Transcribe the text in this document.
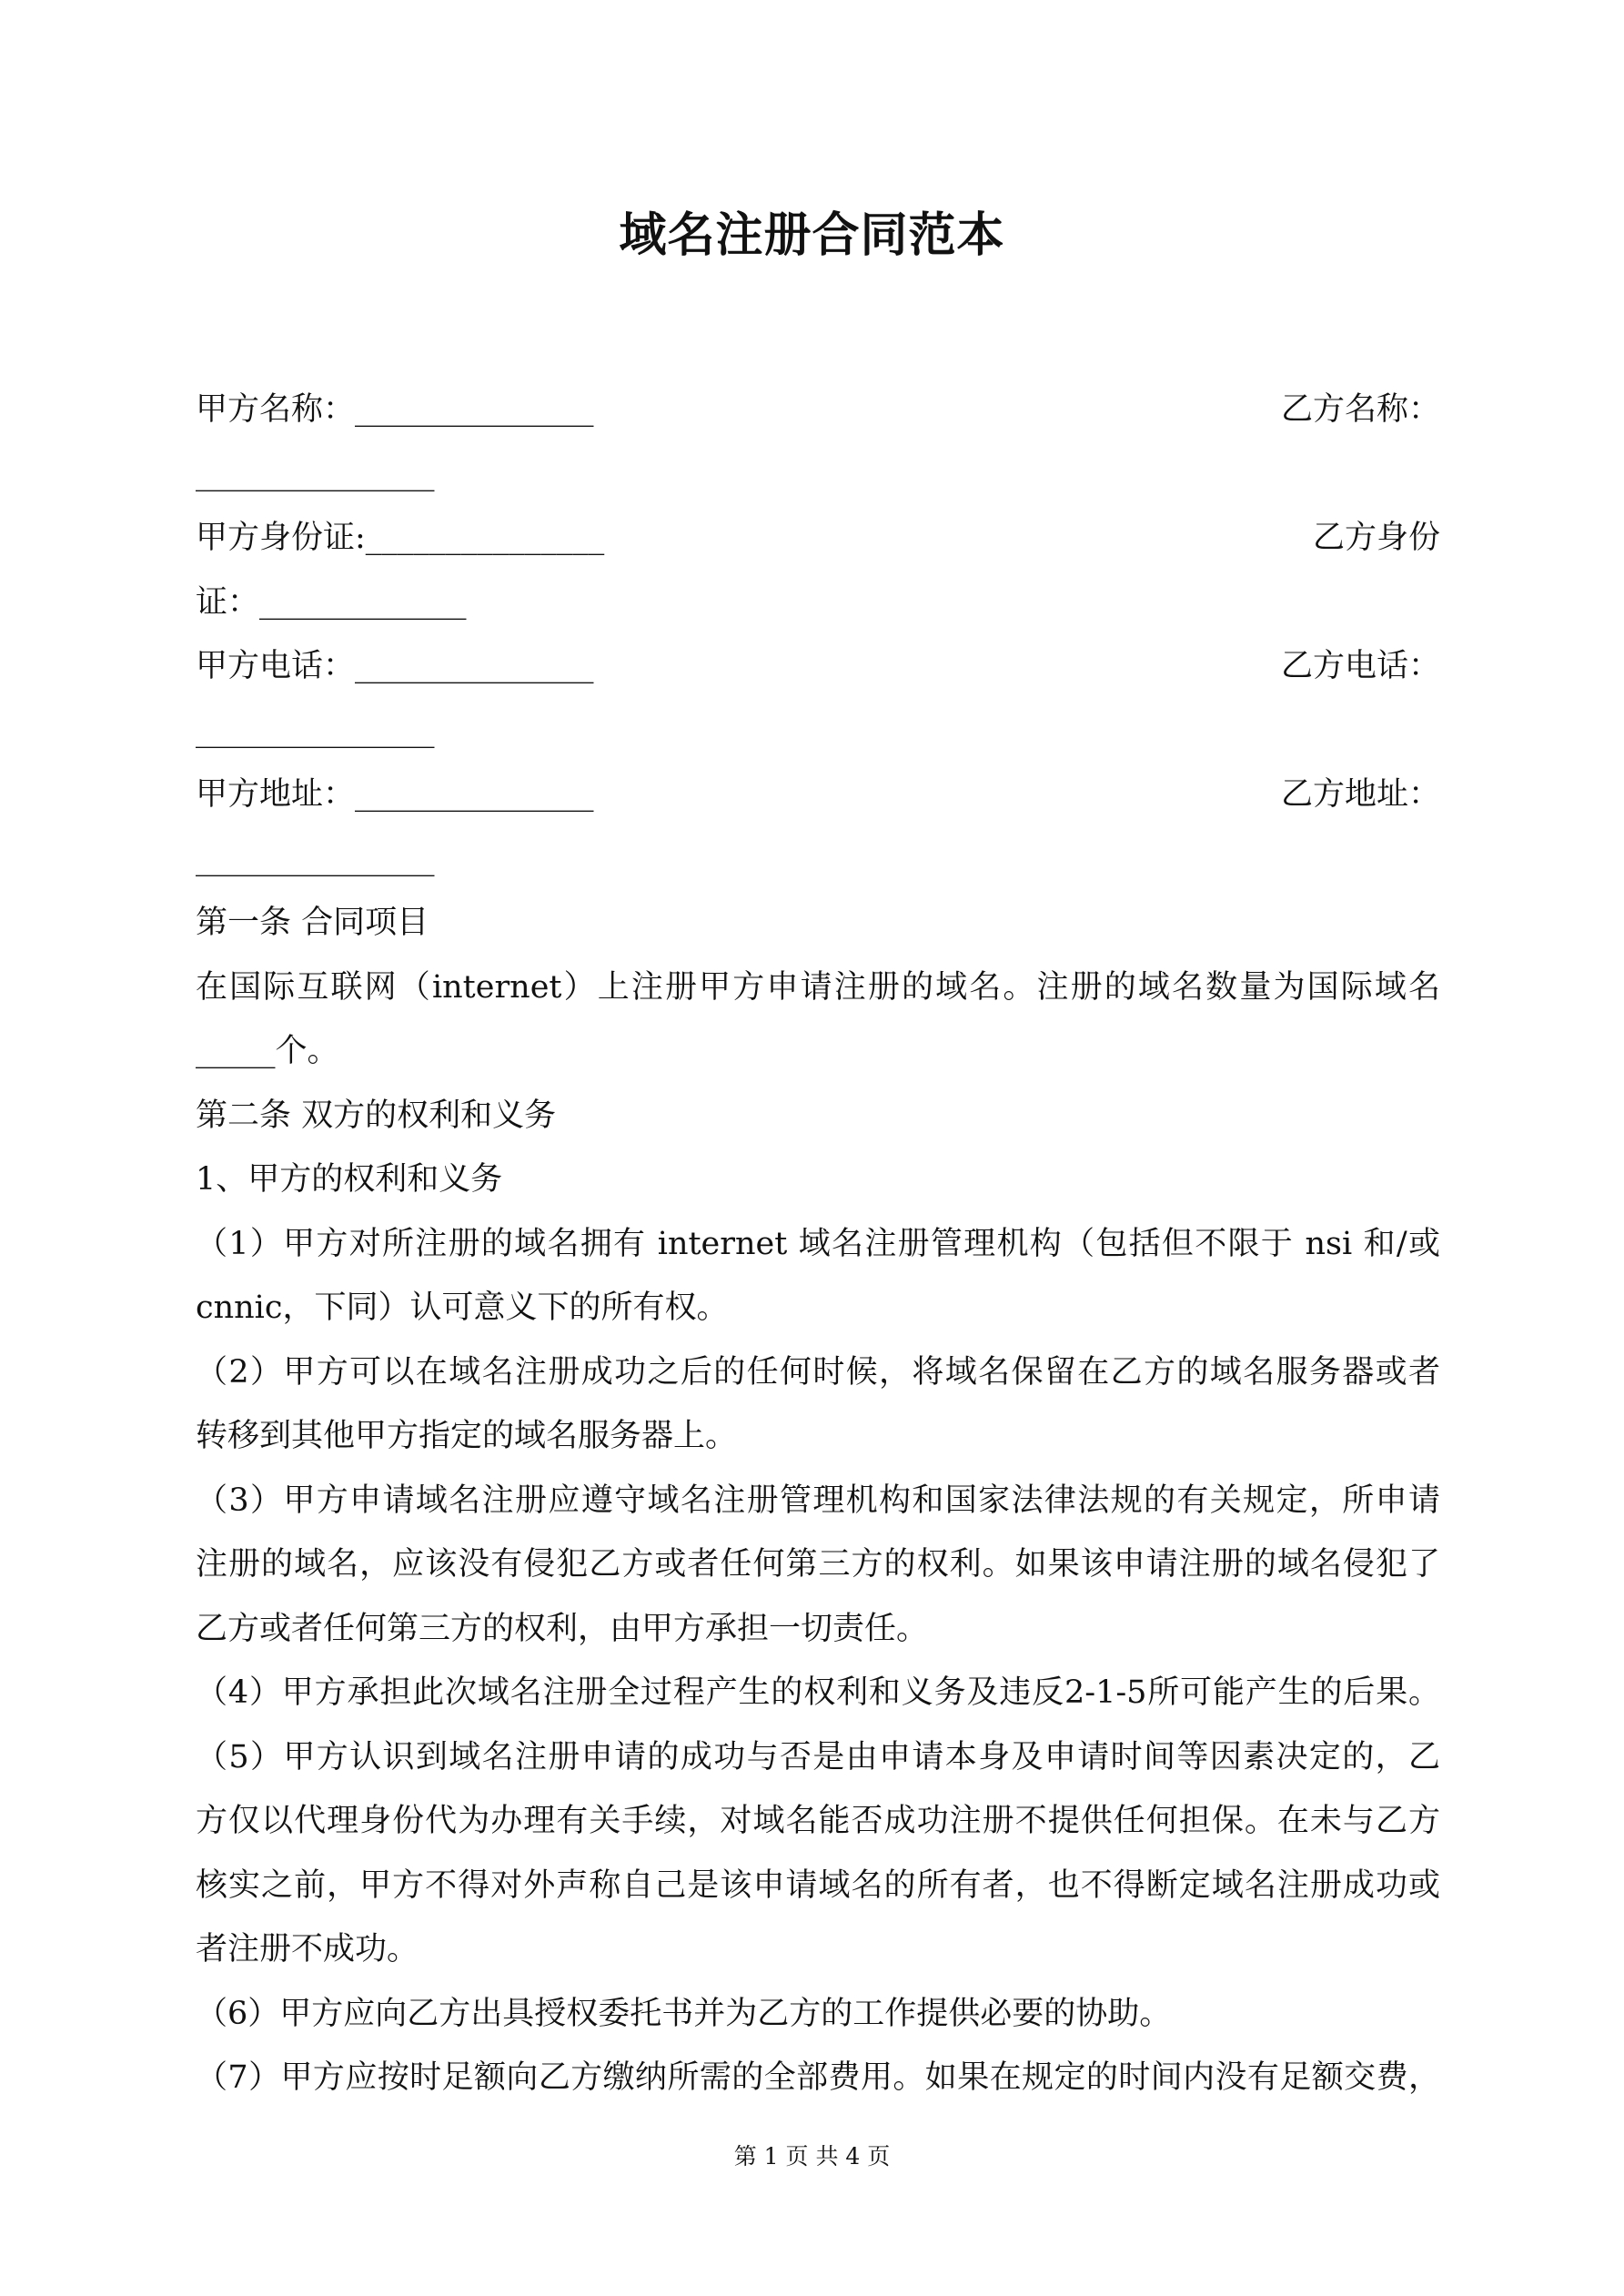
域名注册合同范本
甲方名称：_______________	乙方名称：
_______________
甲方身份证:_______________	乙方身份
证：_____________
甲方电话：_______________	乙方电话：
_______________
甲方地址：_______________	乙方地址：
_______________
第一条 合同项目
在国际互联网（internet）上注册甲方申请注册的域名。注册的域名数量为国际域名
_____个。
第二条 双方的权利和义务
1、甲方的权利和义务
（1）甲方对所注册的域名拥有 internet 域名注册管理机构（包括但不限于 nsi 和/或
cnnic，下同）认可意义下的所有权。
（2）甲方可以在域名注册成功之后的任何时候，将域名保留在乙方的域名服务器或者
转移到其他甲方指定的域名服务器上。
（3）甲方申请域名注册应遵守域名注册管理机构和国家法律法规的有关规定，所申请
注册的域名，应该没有侵犯乙方或者任何第三方的权利。如果该申请注册的域名侵犯了
乙方或者任何第三方的权利，由甲方承担一切责任。
（4）甲方承担此次域名注册全过程产生的权利和义务及违反2-1-5所可能产生的后果。
（5）甲方认识到域名注册申请的成功与否是由申请本身及申请时间等因素决定的，乙
方仅以代理身份代为办理有关手续，对域名能否成功注册不提供任何担保。在未与乙方
核实之前，甲方不得对外声称自己是该申请域名的所有者，也不得断定域名注册成功或
者注册不成功。
（6）甲方应向乙方出具授权委托书并为乙方的工作提供必要的协助。
（7）甲方应按时足额向乙方缴纳所需的全部费用。如果在规定的时间内没有足额交费，
第 1 页 共 4 页
